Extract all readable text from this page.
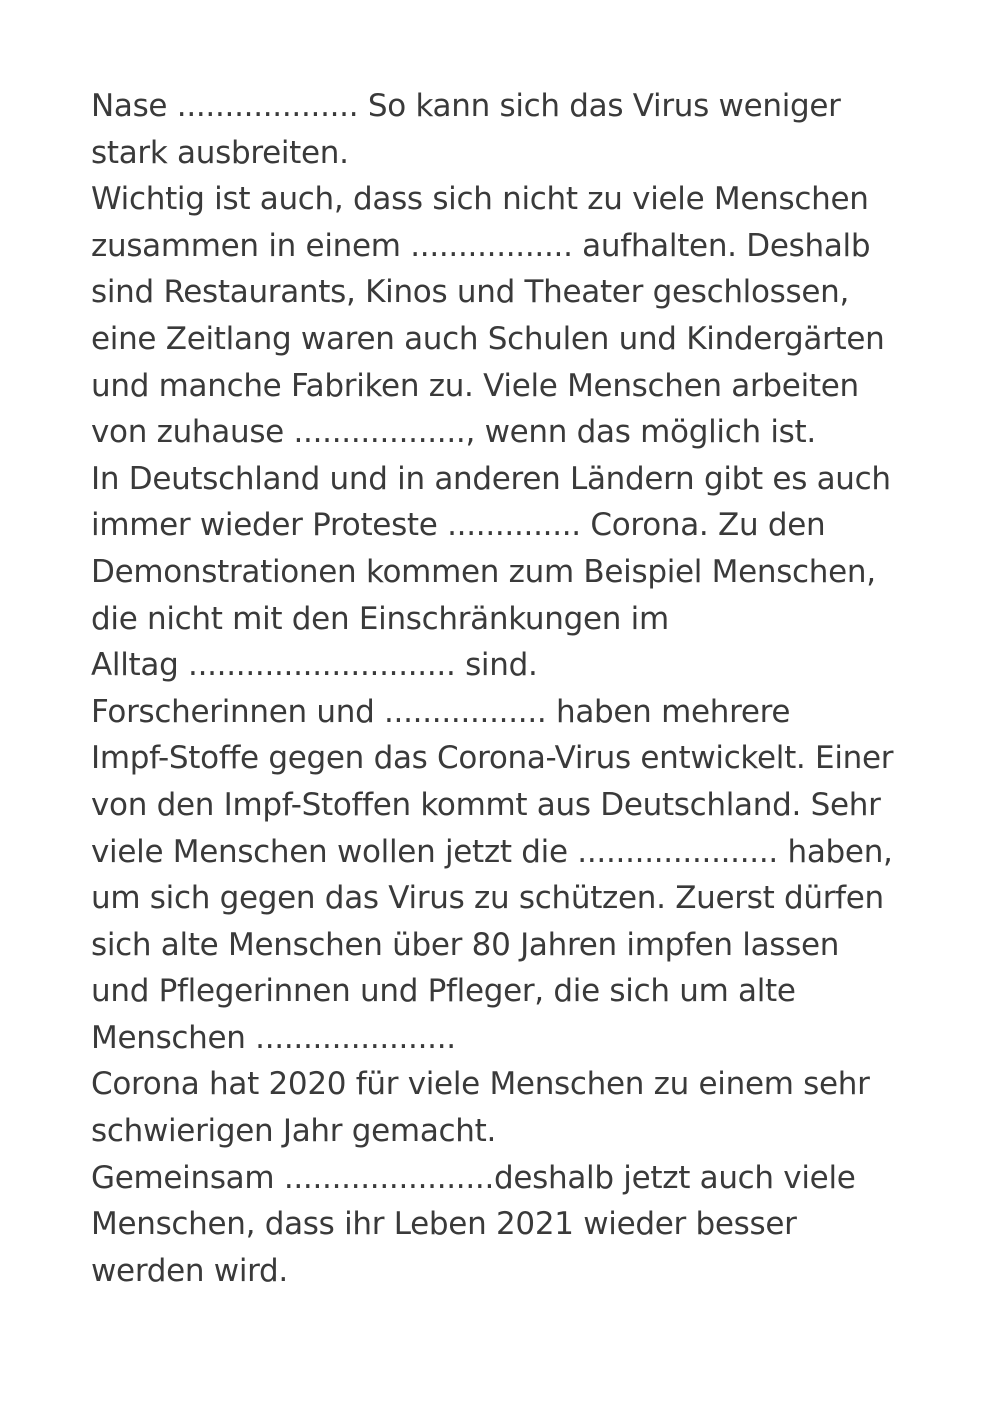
Nase ................... So kann sich das Virus weniger
stark ausbreiten.
Wichtig ist auch, dass sich nicht zu viele Menschen
zusammen in einem ................. aufhalten. Deshalb
sind Restaurants, Kinos und Theater geschlossen,
eine Zeitlang waren auch Schulen und Kindergärten
und manche Fabriken zu. Viele Menschen arbeiten
von zuhause .................., wenn das möglich ist.
In Deutschland und in anderen Ländern gibt es auch
immer wieder Proteste .............. Corona. Zu den
Demonstrationen kommen zum Beispiel Menschen,
die nicht mit den Einschränkungen im
Alltag ............................ sind.
Forscherinnen und ................. haben mehrere
Impf-Stoffe gegen das Corona-Virus entwickelt. Einer
von den Impf-Stoffen kommt aus Deutschland. Sehr
viele Menschen wollen jetzt die ..................... haben,
um sich gegen das Virus zu schützen. Zuerst dürfen
sich alte Menschen über 80 Jahren impfen lassen
und Pflegerinnen und Pfleger, die sich um alte
Menschen .....................
Corona hat 2020 für viele Menschen zu einem sehr
schwierigen Jahr gemacht.
Gemeinsam ......................deshalb jetzt auch viele
Menschen, dass ihr Leben 2021 wieder besser
werden wird.
